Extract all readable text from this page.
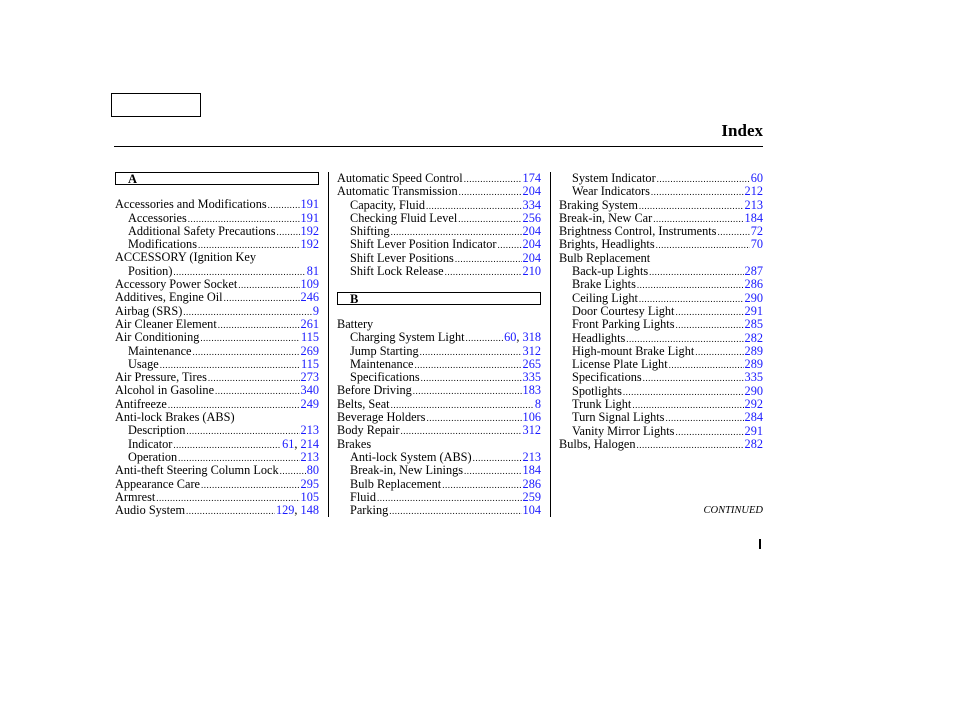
Index
A
Accessories and Modifications .....	191
Accessories .....	191
Additional Safety Precautions ..... 192
Modifications .....	192
ACCESSORY (Ignition Key
Position) .....	81
Accessory Power Socket .....	109
Additives, Engine Oil .....	246
Airbag (SRS) .....	9
Air Cleaner Element .....	261
Air Conditioning .....	115
Maintenance .....	269
Usage .....	115
Air Pressure, Tires .....	273
Alcohol in Gasoline .....	340
Antifreeze .....	249
Anti-lock Brakes (ABS)
Description .....	213
Indicator .....	61, 214
Operation .....	213
Anti-theft Steering Column Lock ..... 80
Appearance Care .....	295
Armrest .....	105
Audio System .....	129, 148
Automatic Speed Control .....	174
Automatic Transmission .....	204
Capacity, Fluid .....	334
Checking Fluid Level .....	256
Shifting .....	204
Shift Lever Position Indicator ..... 204
Shift Lever Positions .....	204
Shift Lock Release .....	210
B
Battery
Charging System Light .....	60, 318
Jump Starting .....	312
Maintenance .....	265
Specifications .....	335
Before Driving .....	183
Belts, Seat .....	8
Beverage Holders .....	106
Body Repair .....	312
Brakes
Anti-lock System (ABS) .....	213
Break-in, New Linings .....	184
Bulb Replacement .....	286
Fluid .....	259
Parking .....	104
System Indicator .....	60
Wear Indicators .....	212
Braking System .....	213
Break-in, New Car .....	184
Brightness Control, Instruments .....	72
Brights, Headlights .....	70
Bulb Replacement
Back-up Lights .....	287
Brake Lights .....	286
Ceiling Light .....	290
Door Courtesy Light .....	291
Front Parking Lights .....	285
Headlights .....	282
High-mount Brake Light .....	289
License Plate Light .....	289
Specifications .....	335
Spotlights .....	290
Trunk Light .....	292
Turn Signal Lights .....	284
Vanity Mirror Lights .....	291
Bulbs, Halogen .....	282
CONTINUED
